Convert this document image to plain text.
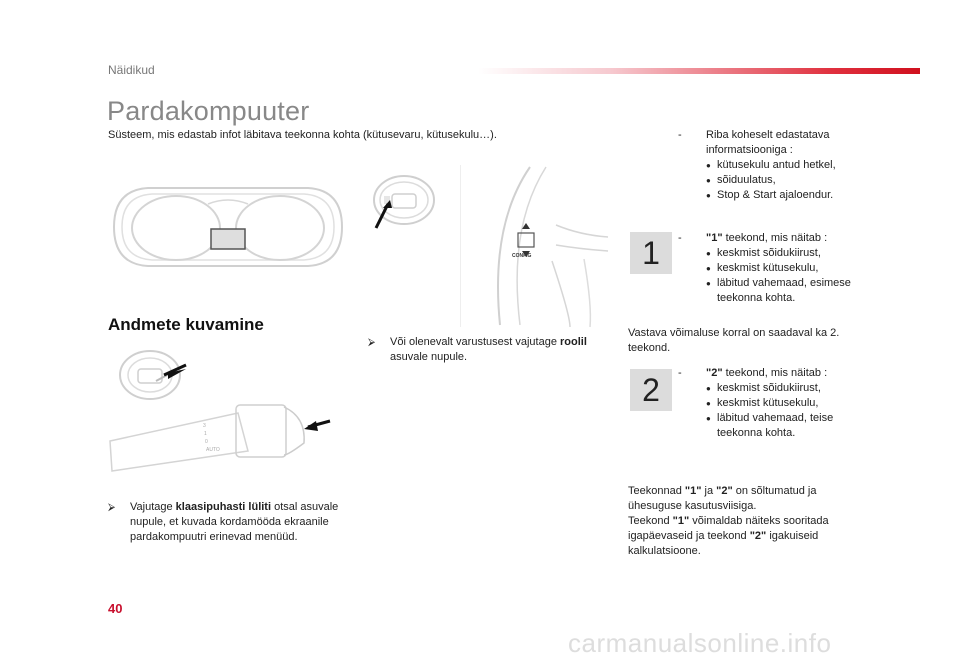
Näidikud
Pardakompuuter
Süsteem, mis edastab infot läbitava teekonna kohta (kütusevaru, kütusekulu…).
CONFIG
Andmete kuvamine
3
1
0
AUTO
⮚	Vajutage klaasipuhasti lüliti otsal asuvale nupule, et kuvada kordamööda ekraanile pardakompuutri erinevad menüüd.
⮚	Või olenevalt varustusest vajutage roolil asuvale nupule.
-	Riba koheselt edastatava informatsiooniga :
● kütusekulu antud hetkel,
● sõiduulatus,
● Stop & Start ajaloendur.
1	-	"1" teekond, mis näitab :
● keskmist sõidukiirust,
● keskmist kütusekulu,
● läbitud vahemaad, esimese teekonna kohta.
Vastava võimaluse korral on saadaval ka 2. teekond.
2	-	"2" teekond, mis näitab :
● keskmist sõidukiirust,
● keskmist kütusekulu,
● läbitud vahemaad, teise teekonna kohta.
Teekonnad "1" ja "2" on sõltumatud ja ühesuguse kasutusviisiga.
Teekond "1" võimaldab näiteks sooritada igapäevaseid ja teekond "2" igakuiseid kalkulatsioone.
40
carmanualsonline.info
